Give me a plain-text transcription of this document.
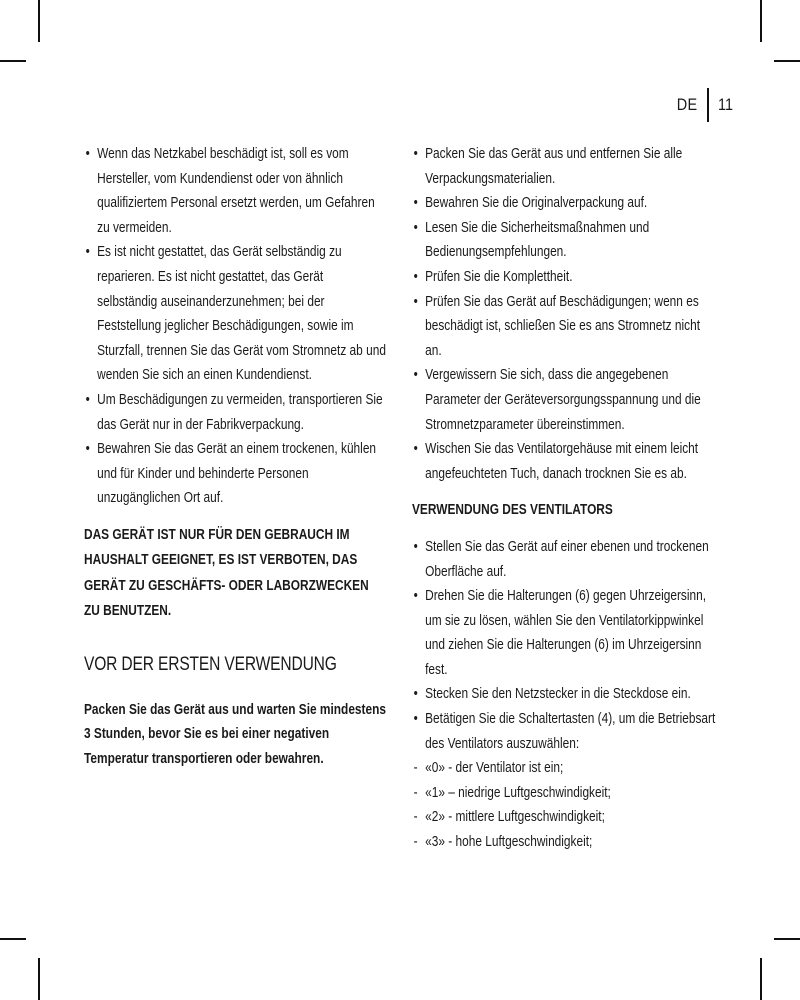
DE 11
• Wenn das Netzkabel beschädigt ist, soll es vom Hersteller, vom Kundendienst oder von ähnlich qualifiziertem Personal ersetzt werden, um Gefahren zu vermeiden.
• Es ist nicht gestattet, das Gerät selbständig zu reparieren. Es ist nicht gestattet, das Gerät selbständig auseinanderzunehmen; bei der Feststellung jeglicher Beschädigungen, sowie im Sturzfall, trennen Sie das Gerät vom Stromnetz ab und wenden Sie sich an einen Kundendienst.
• Um Beschädigungen zu vermeiden, transportieren Sie das Gerät nur in der Fabrikverpackung.
• Bewahren Sie das Gerät an einem trockenen, kühlen und für Kinder und behinderte Personen unzugänglichen Ort auf.
DAS GERÄT IST NUR FÜR DEN GEBRAUCH IM HAUSHALT GEEIGNET, ES IST VERBOTEN, DAS GERÄT ZU GESCHÄFTS- ODER LABORZWECKEN ZU BENUTZEN.
VOR DER ERSTEN VERWENDUNG
Packen Sie das Gerät aus und warten Sie mindestens 3 Stunden, bevor Sie es bei einer negativen Temperatur transportieren oder bewahren.
• Packen Sie das Gerät aus und entfernen Sie alle Verpackungsmaterialien.
• Bewahren Sie die Originalverpackung auf.
• Lesen Sie die Sicherheitsmaßnahmen und Bedienungsempfehlungen.
• Prüfen Sie die Komplettheit.
• Prüfen Sie das Gerät auf Beschädigungen; wenn es beschädigt ist, schließen Sie es ans Stromnetz nicht an.
• Vergewissern Sie sich, dass die angegebenen Parameter der Geräteversorgungsspannung und die Stromnetzparameter übereinstimmen.
• Wischen Sie das Ventilatorgehäuse mit einem leicht angefeuchteten Tuch, danach trocknen Sie es ab.
VERWENDUNG DES VENTILATORS
• Stellen Sie das Gerät auf einer ebenen und trockenen Oberfläche auf.
• Drehen Sie die Halterungen (6) gegen Uhrzeigersinn, um sie zu lösen, wählen Sie den Ventilatorkippwinkel und ziehen Sie die Halterungen (6) im Uhrzeigersinn fest.
• Stecken Sie den Netzstecker in die Steckdose ein.
• Betätigen Sie die Schaltertasten (4), um die Betriebsart des Ventilators auszuwählen:
- «0» - der Ventilator ist ein;
- «1» – niedrige Luftgeschwindigkeit;
- «2» - mittlere Luftgeschwindigkeit;
- «3» - hohe Luftgeschwindigkeit;
